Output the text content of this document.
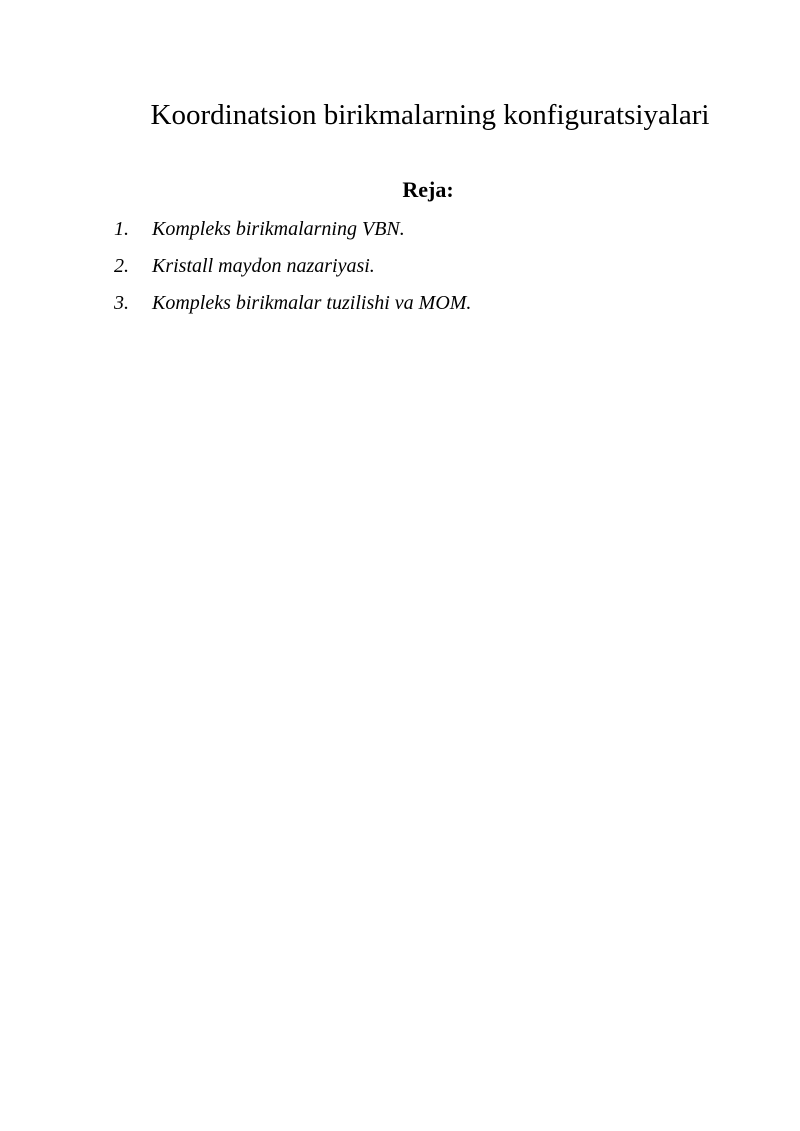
Koordinatsion birikmalarning konfiguratsiyalari
Reja:
1. Kompleks birikmalarning VBN.
2. Kristall maydon nazariyasi.
3. Kompleks birikmalar tuzilishi va MOM.
